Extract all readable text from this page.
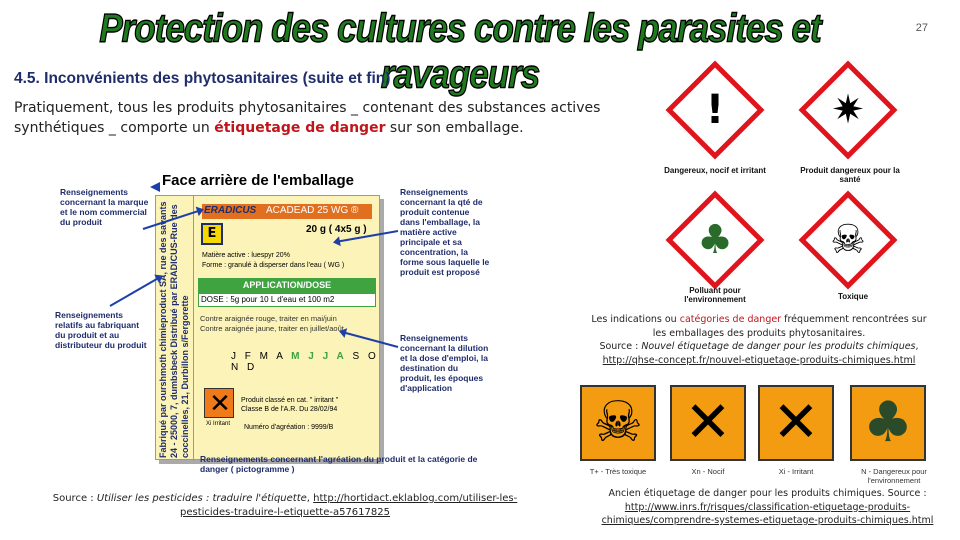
Protection des cultures contre les parasites et ravageurs
27
4.5. Inconvénients des phytosanitaires (suite et fin)
Pratiquement, tous les produits phytosanitaires _ contenant des substances actives synthétiques _ comporte un étiquetage de danger sur son emballage.
Face arrière de l'emballage
Fabriqué par ourshmoth chimieproduct SA, rue des savants 24 - 25000, 7, dumbsbeck Distribué par ERADICUS-Rue des coccinelles, 21, Durbillon s/Fergorette
ERADICUS ACADEAD 25 WG ®
E	20 g ( 4x5 g )
Matière active : luespyr 20%
Forme : granulé à disperser dans l'eau ( WG )
APPLICATION/DOSE
DOSE : 5g pour 10 L d'eau et 100 m2
Contre araignée rouge, traiter en mai/juin
Contre araignée jaune, traiter en juillet/août
J F M A M J J A S O N D
✕
Xi Irritant
Produit classé en cat. " irritant "
Classe B de l'A.R. Du 28/02/94
Numéro d'agréation : 9999/B
Renseignements concernant la marque et le nom commercial du produit
Renseignements concernant la qté de produit contenue dans l'emballage, la matière active principale et sa concentration, la forme sous laquelle le produit est proposé
Renseignements relatifs au fabriquant du produit et au distributeur du produit
Renseignements concernant la dilution et la dose d'emploi, la destination du produit, les époques d'application
Renseignements concernant l'agréation du produit et la catégorie de danger ( pictogramme )
Source : Utiliser les pesticides : traduire l'étiquette, http://hortidact.eklablog.com/utiliser-les-pesticides-traduire-l-etiquette-a57617825
!
Dangereux, nocif et irritant
✷
Produit dangereux pour la santé
♣
Polluant pour l'environnement
☠
Toxique
Les indications ou catégories de danger fréquemment rencontrées sur les emballages des produits phytosanitaires.
Source : Nouvel étiquetage de danger pour les produits chimiques,
http://qhse-concept.fr/nouvel-etiquetage-produits-chimiques.html
☠
T+ - Très toxique
✕
Xn - Nocif
✕
Xi - Irritant
♣
N - Dangereux pour l'environnement
Ancien étiquetage de danger pour les produits chimiques. Source :
http://www.inrs.fr/risques/classification-etiquetage-produits-chimiques/comprendre-systemes-etiquetage-produits-chimiques.html
